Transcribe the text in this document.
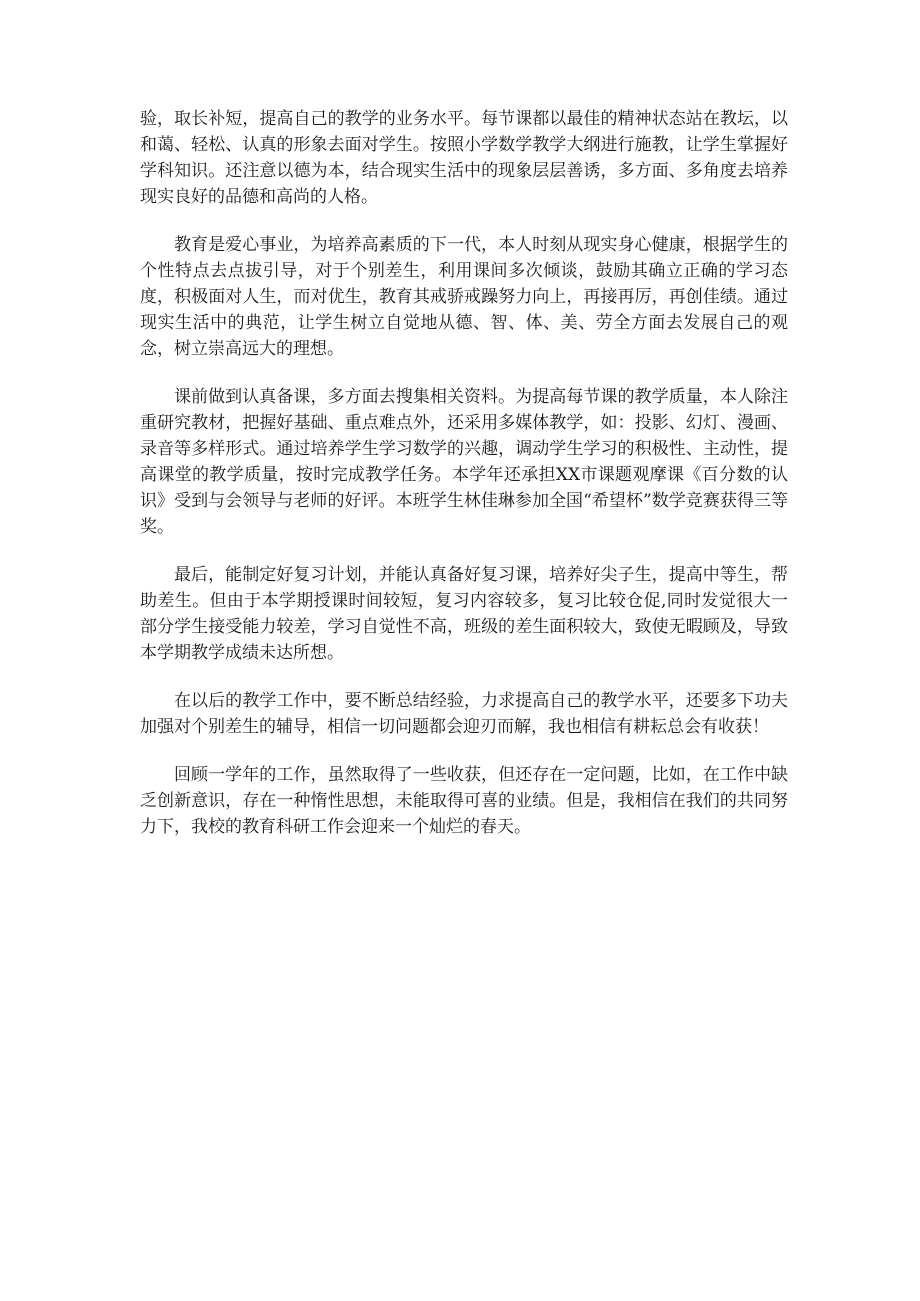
验，取长补短，提高自己的教学的业务水平。每节课都以最佳的精神状态站在教坛，以和蔼、轻松、认真的形象去面对学生。按照小学数学教学大纲进行施教，让学生掌握好学科知识。还注意以德为本，结合现实生活中的现象层层善诱，多方面、多角度去培养现实良好的品德和高尚的人格。

教育是爱心事业，为培养高素质的下一代，本人时刻从现实身心健康，根据学生的个性特点去点拔引导，对于个别差生，利用课间多次倾谈，鼓励其确立正确的学习态度，积极面对人生，而对优生，教育其戒骄戒躁努力向上，再接再厉，再创佳绩。通过现实生活中的典范，让学生树立自觉地从德、智、体、美、劳全方面去发展自己的观念，树立崇高远大的理想。

课前做到认真备课，多方面去搜集相关资料。为提高每节课的教学质量，本人除注重研究教材，把握好基础、重点难点外，还采用多媒体教学，如：投影、幻灯、漫画、录音等多样形式。通过培养学生学习数学的兴趣，调动学生学习的积极性、主动性，提高课堂的教学质量，按时完成教学任务。本学年还承担XX市课题观摩课《百分数的认识》受到与会领导与老师的好评。本班学生林佳琳参加全国“希望杯”数学竞赛获得三等奖。

最后，能制定好复习计划，并能认真备好复习课，培养好尖子生，提高中等生，帮助差生。但由于本学期授课时间较短，复习内容较多，复习比较仓促,同时发觉很大一部分学生接受能力较差，学习自觉性不高，班级的差生面积较大，致使无暇顾及，导致本学期教学成绩未达所想。

在以后的教学工作中，要不断总结经验，力求提高自己的教学水平，还要多下功夫加强对个别差生的辅导，相信一切问题都会迎刃而解，我也相信有耕耘总会有收获！

回顾一学年的工作，虽然取得了一些收获，但还存在一定问题，比如，在工作中缺乏创新意识，存在一种惰性思想，未能取得可喜的业绩。但是，我相信在我们的共同努力下，我校的教育科研工作会迎来一个灿烂的春天。
